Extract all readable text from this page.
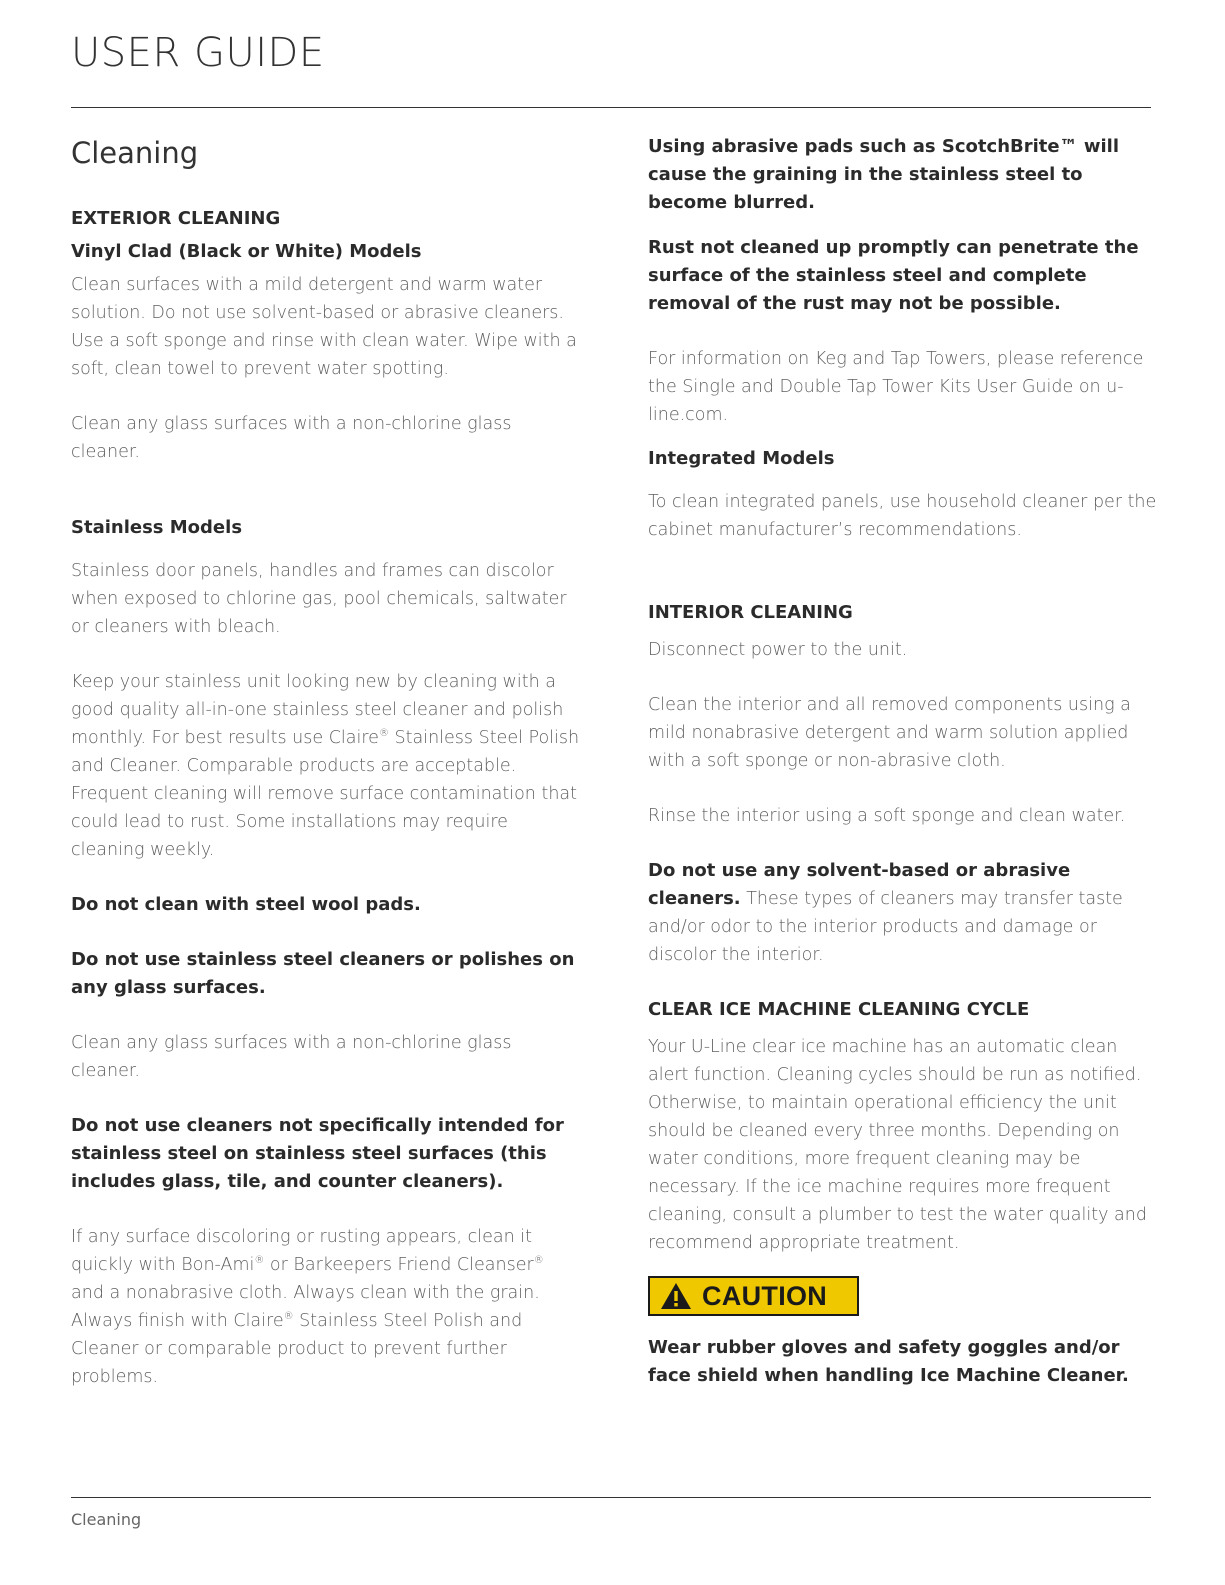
USER GUIDE
Cleaning

EXTERIOR CLEANING

Vinyl Clad (Black or White) Models

Clean surfaces with a mild detergent and warm water solution. Do not use solvent-based or abrasive cleaners. Use a soft sponge and rinse with clean water. Wipe with a soft, clean towel to prevent water spotting.

Clean any glass surfaces with a non-chlorine glass cleaner.

Stainless Models

Stainless door panels, handles and frames can discolor when exposed to chlorine gas, pool chemicals, saltwater or cleaners with bleach.

Keep your stainless unit looking new by cleaning with a good quality all-in-one stainless steel cleaner and polish monthly. For best results use Claire® Stainless Steel Polish and Cleaner. Comparable products are acceptable. Frequent cleaning will remove surface contamination that could lead to rust. Some installations may require cleaning weekly.

Do not clean with steel wool pads.

Do not use stainless steel cleaners or polishes on any glass surfaces.

Clean any glass surfaces with a non-chlorine glass cleaner.

Do not use cleaners not specifically intended for stainless steel on stainless steel surfaces (this includes glass, tile, and counter cleaners).

If any surface discoloring or rusting appears, clean it quickly with Bon-Ami® or Barkeepers Friend Cleanser® and a nonabrasive cloth. Always clean with the grain. Always finish with Claire® Stainless Steel Polish and Cleaner or comparable product to prevent further problems.

Using abrasive pads such as ScotchBrite™ will cause the graining in the stainless steel to become blurred.

Rust not cleaned up promptly can penetrate the surface of the stainless steel and complete removal of the rust may not be possible.

For information on Keg and Tap Towers, please reference the Single and Double Tap Tower Kits User Guide on u-line.com.

Integrated Models

To clean integrated panels, use household cleaner per the cabinet manufacturer’s recommendations.

INTERIOR CLEANING

Disconnect power to the unit.

Clean the interior and all removed components using a mild nonabrasive detergent and warm solution applied with a soft sponge or non-abrasive cloth.

Rinse the interior using a soft sponge and clean water.

Do not use any solvent-based or abrasive cleaners. These types of cleaners may transfer taste and/or odor to the interior products and damage or discolor the interior.

CLEAR ICE MACHINE CLEANING CYCLE

Your U-Line clear ice machine has an automatic clean alert function. Cleaning cycles should be run as notified. Otherwise, to maintain operational efficiency the unit should be cleaned every three months. Depending on water conditions, more frequent cleaning may be necessary. If the ice machine requires more frequent cleaning, consult a plumber to test the water quality and recommend appropriate treatment.

CAUTION

Wear rubber gloves and safety goggles and/or face shield when handling Ice Machine Cleaner.

Cleaning
